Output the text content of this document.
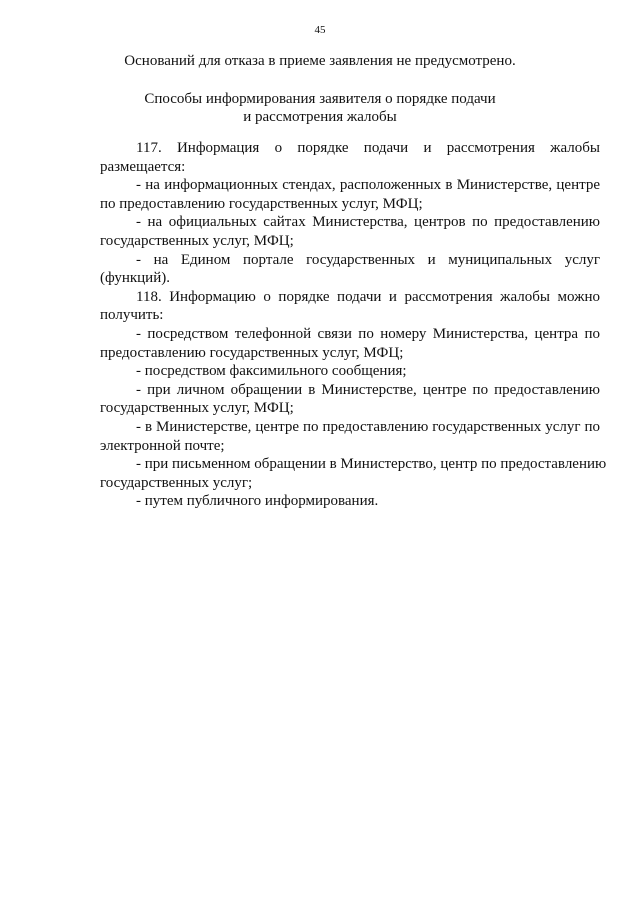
45
Оснований для отказа в приеме заявления не предусмотрено.
Способы информирования заявителя о порядке подачи
и рассмотрения жалобы
117. Информация о порядке подачи и рассмотрения жалобы
размещается:
- на информационных стендах, расположенных в Министерстве, центре
по предоставлению государственных услуг, МФЦ;
- на официальных сайтах Министерства, центров по предоставлению
государственных услуг, МФЦ;
- на Едином портале государственных и муниципальных услуг
(функций).
118. Информацию о порядке подачи и рассмотрения жалобы можно
получить:
- посредством телефонной связи по номеру Министерства, центра по
предоставлению государственных услуг, МФЦ;
- посредством факсимильного сообщения;
- при личном обращении в Министерстве, центре по предоставлению
государственных услуг, МФЦ;
- в Министерстве, центре по предоставлению государственных услуг по
электронной почте;
- при письменном обращении в Министерство, центр по предоставлению
государственных услуг;
- путем публичного информирования.
